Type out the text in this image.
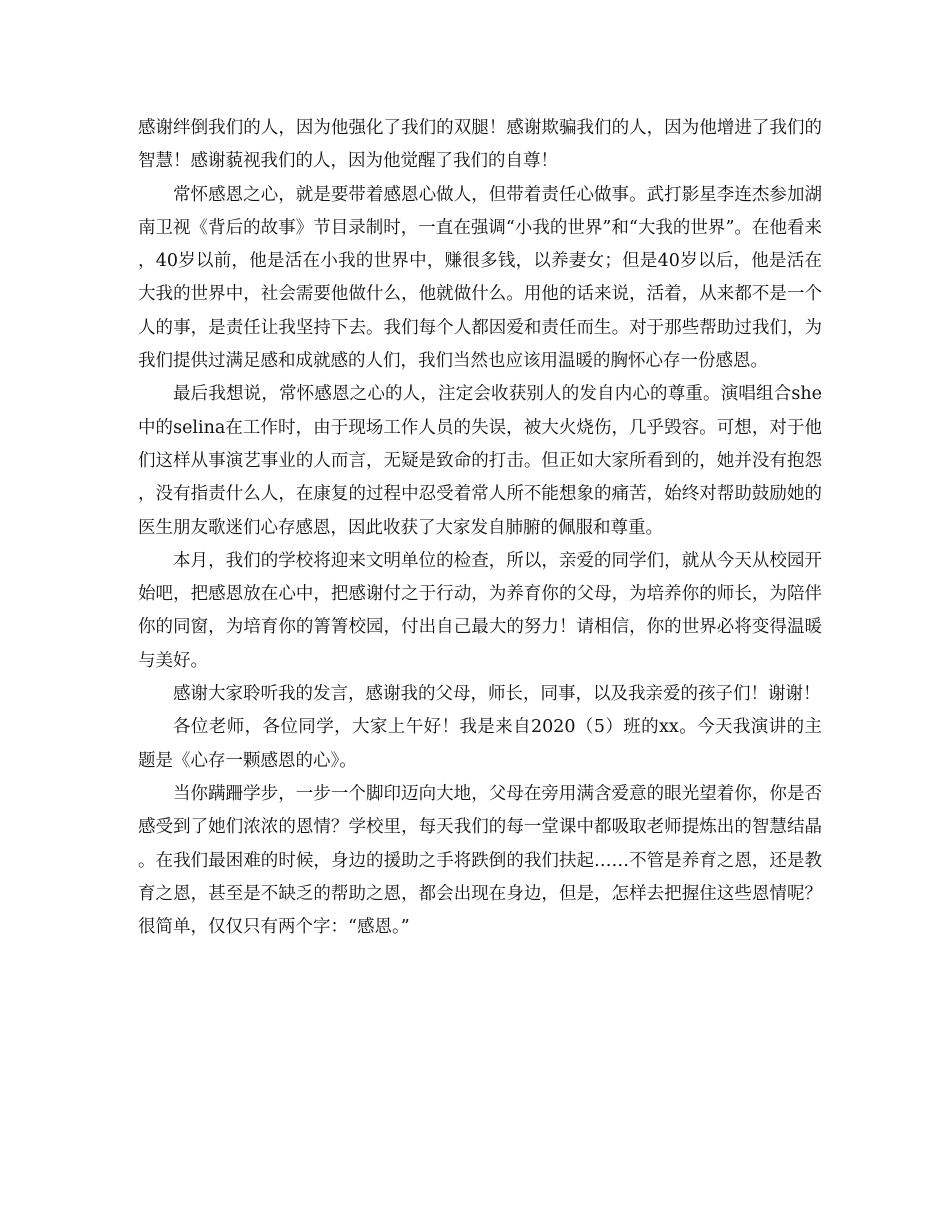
感谢绊倒我们的人，因为他强化了我们的双腿！感谢欺骗我们的人，因为他增进了我们的智慧！感谢藐视我们的人，因为他觉醒了我们的自尊！

常怀感恩之心，就是要带着感恩心做人，但带着责任心做事。武打影星李连杰参加湖南卫视《背后的故事》节目录制时，一直在强调“小我的世界”和“大我的世界”。在他看来，40岁以前，他是活在小我的世界中，赚很多钱，以养妻女；但是40岁以后，他是活在大我的世界中，社会需要他做什么，他就做什么。用他的话来说，活着，从来都不是一个人的事，是责任让我坚持下去。我们每个人都因爱和责任而生。对于那些帮助过我们，为我们提供过满足感和成就感的人们，我们当然也应该用温暖的胸怀心存一份感恩。

最后我想说，常怀感恩之心的人，注定会收获别人的发自内心的尊重。演唱组合she中的selina在工作时，由于现场工作人员的失误，被大火烧伤，几乎毁容。可想，对于他们这样从事演艺事业的人而言，无疑是致命的打击。但正如大家所看到的，她并没有抱怨，没有指责什么人，在康复的过程中忍受着常人所不能想象的痛苦，始终对帮助鼓励她的医生朋友歌迷们心存感恩，因此收获了大家发自肺腑的佩服和尊重。

本月，我们的学校将迎来文明单位的检查，所以，亲爱的同学们，就从今天从校园开始吧，把感恩放在心中，把感谢付之于行动，为养育你的父母，为培养你的师长，为陪伴你的同窗，为培育你的箐箐校园，付出自己最大的努力！请相信，你的世界必将变得温暖与美好。

感谢大家聆听我的发言，感谢我的父母，师长，同事，以及我亲爱的孩子们！谢谢！

各位老师，各位同学，大家上午好！我是来自2020（5）班的xx。今天我演讲的主题是《心存一颗感恩的心》。

当你蹒跚学步，一步一个脚印迈向大地，父母在旁用满含爱意的眼光望着你，你是否感受到了她们浓浓的恩情？学校里，每天我们的每一堂课中都吸取老师提炼出的智慧结晶。在我们最困难的时候，身边的援助之手将跌倒的我们扶起……不管是养育之恩，还是教育之恩，甚至是不缺乏的帮助之恩，都会出现在身边，但是，怎样去把握住这些恩情呢？很简单，仅仅只有两个字：“感恩。”
